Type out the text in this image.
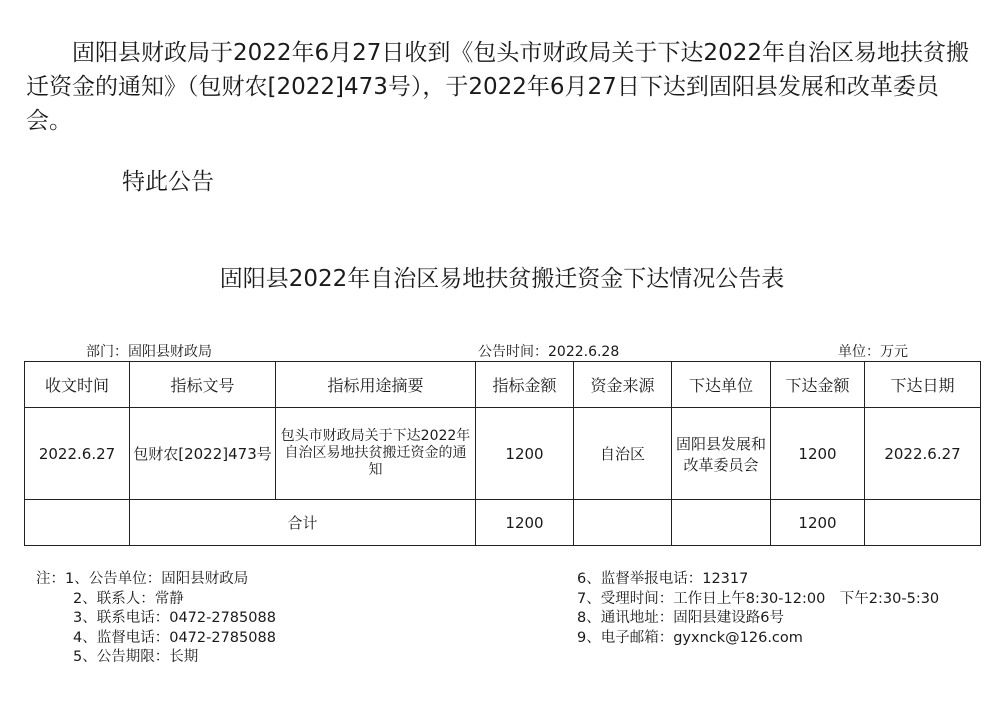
固阳县财政局于2022年6月27日收到《包头市财政局关于下达2022年自治区易地扶贫搬迁资金的通知》（包财农[2022]473号），于2022年6月27日下达到固阳县发展和改革委员会。

特此公告

固阳县2022年自治区易地扶贫搬迁资金下达情况公告表
部门：固阳县财政局	公告时间：2022.6.28	单位：万元
收文时间	指标文号	指标用途摘要	指标金额	资金来源	下达单位	下达金额	下达日期
2022.6.27	包财农[2022]473号	包头市财政局关于下达2022年自治区易地扶贫搬迁资金的通知	1200	自治区	固阳县发展和改革委员会	1200	2022.6.27
	合计		1200			1200	
注：1、公告单位：固阳县财政局
2、联系人：常静
3、联系电话：0472-2785088
4、监督电话：0472-2785088
5、公告期限：长期
6、监督举报电话：12317
7、受理时间：工作日上午8:30-12:00　下午2:30-5:30
8、通讯地址：固阳县建设路6号
9、电子邮箱：gyxnck@126.com
